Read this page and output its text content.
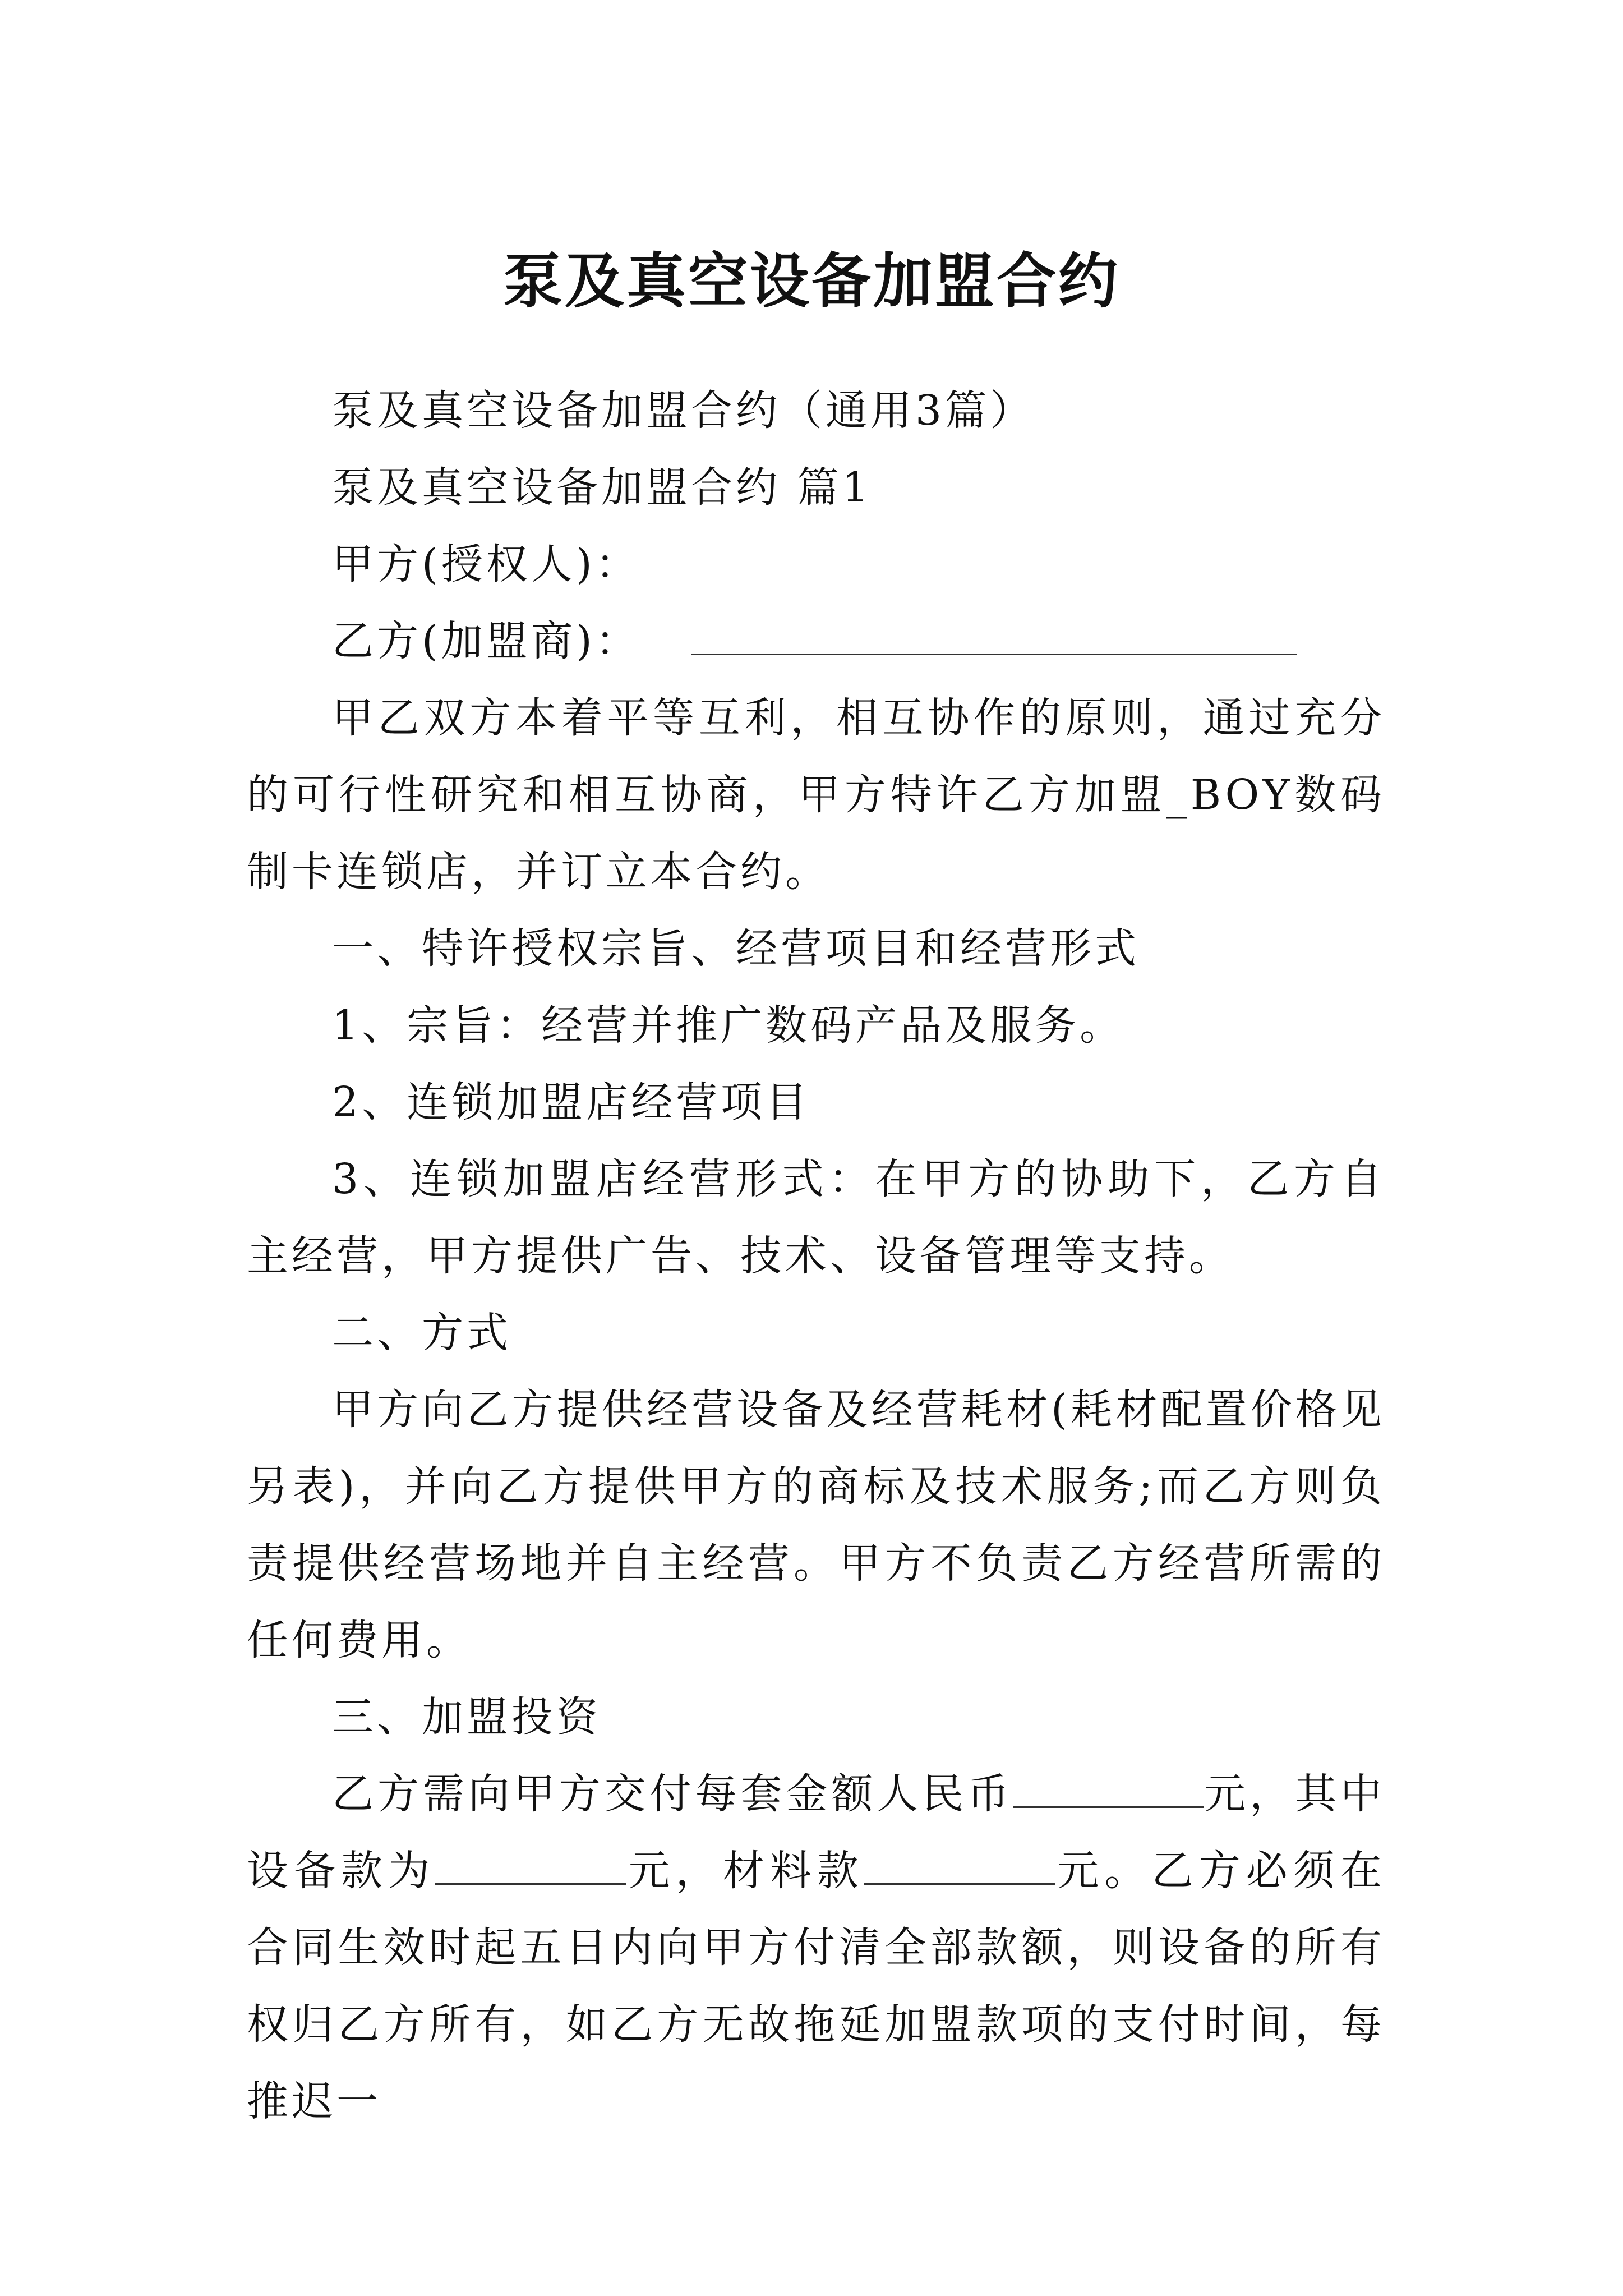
泵及真空设备加盟合约

泵及真空设备加盟合约（通用3篇）

泵及真空设备加盟合约 篇1

甲方(授权人)：

乙方(加盟商)：

甲乙双方本着平等互利，相互协作的原则，通过充分的可行性研究和相互协商，甲方特许乙方加盟_BOY数码制卡连锁店，并订立本合约。

一、特许授权宗旨、经营项目和经营形式

1、宗旨：经营并推广数码产品及服务。

2、连锁加盟店经营项目

3、连锁加盟店经营形式：在甲方的协助下，乙方自主经营，甲方提供广告、技术、设备管理等支持。

二、方式

甲方向乙方提供经营设备及经营耗材(耗材配置价格见另表)，并向乙方提供甲方的商标及技术服务;而乙方则负责提供经营场地并自主经营。甲方不负责乙方经营所需的任何费用。

三、加盟投资

乙方需向甲方交付每套金额人民币	元，其中设备款为	元，材料款	元。乙方必须在合同生效时起五日内向甲方付清全部款额，则设备的所有权归乙方所有，如乙方无故拖延加盟款项的支付时间，每推迟一
